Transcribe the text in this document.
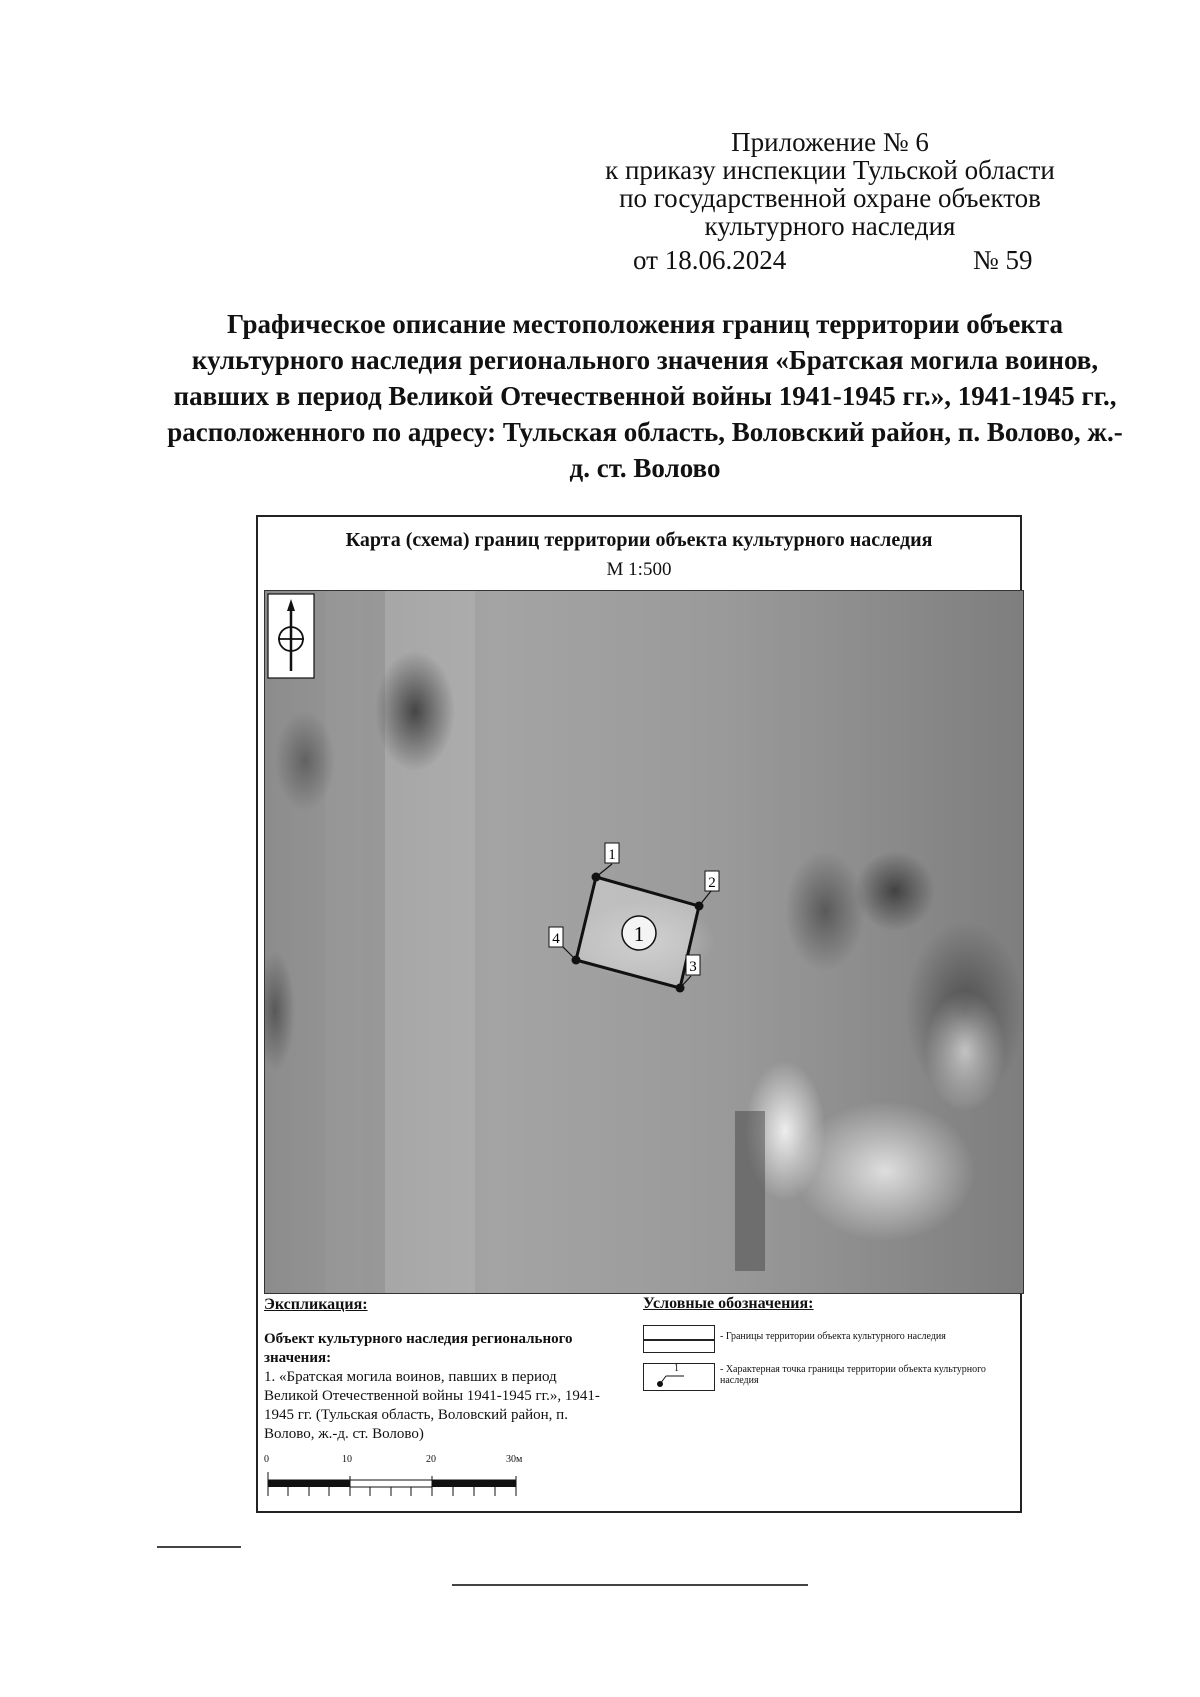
Приложение № 6
к приказу инспекции Тульской области
по государственной охране объектов
культурного наследия
от 18.06.2024	№ 59
Графическое описание местоположения границ территории объекта культурного наследия регионального значения «Братская могила воинов, павших в период Великой Отечественной войны 1941-1945 гг.», 1941-1945 гг., расположенного по адресу: Тульская область, Воловский район, п. Волово, ж.-д. ст. Волово
Карта (схема) границ территории объекта культурного наследия
М 1:500
1
2
3
4	1
Экспликация:
Объект культурного наследия регионального значения:
1. «Братская могила воинов, павших в период Великой Отечественной войны 1941-1945 гг.», 1941-1945 гг. (Тульская область, Воловский район, п. Волово, ж.-д. ст. Волово)
Условные обозначения:
- Границы территории объекта культурного наследия
1	- Характерная точка границы территории объекта культурного наследия
0	10	20	30м
